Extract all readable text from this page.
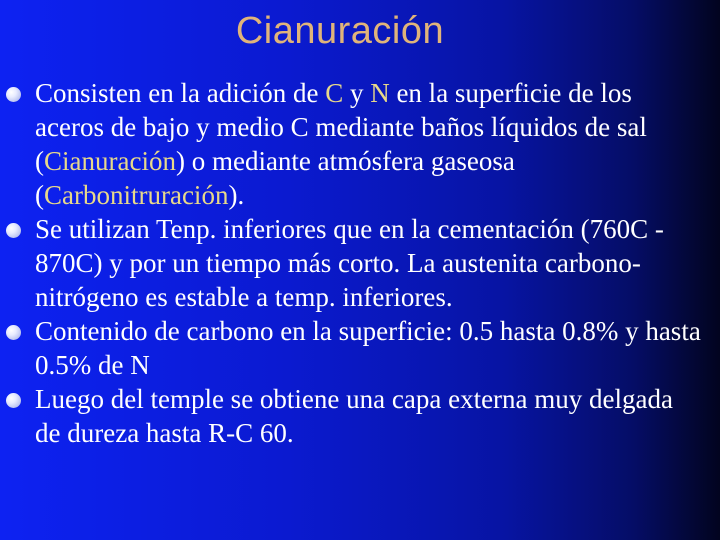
Cianuración
Consisten en la adición de C y N en la superficie de los aceros de bajo y medio C mediante baños líquidos de sal (Cianuración) o mediante atmósfera gaseosa (Carbonitruración).
Se utilizan Tenp. inferiores que en la cementación (760C - 870C) y por un tiempo más corto. La austenita carbono-nitrógeno es estable a temp. inferiores.
Contenido de carbono en la superficie: 0.5 hasta 0.8% y hasta 0.5% de N
Luego del temple se obtiene una capa externa muy delgada de dureza hasta R-C 60.
